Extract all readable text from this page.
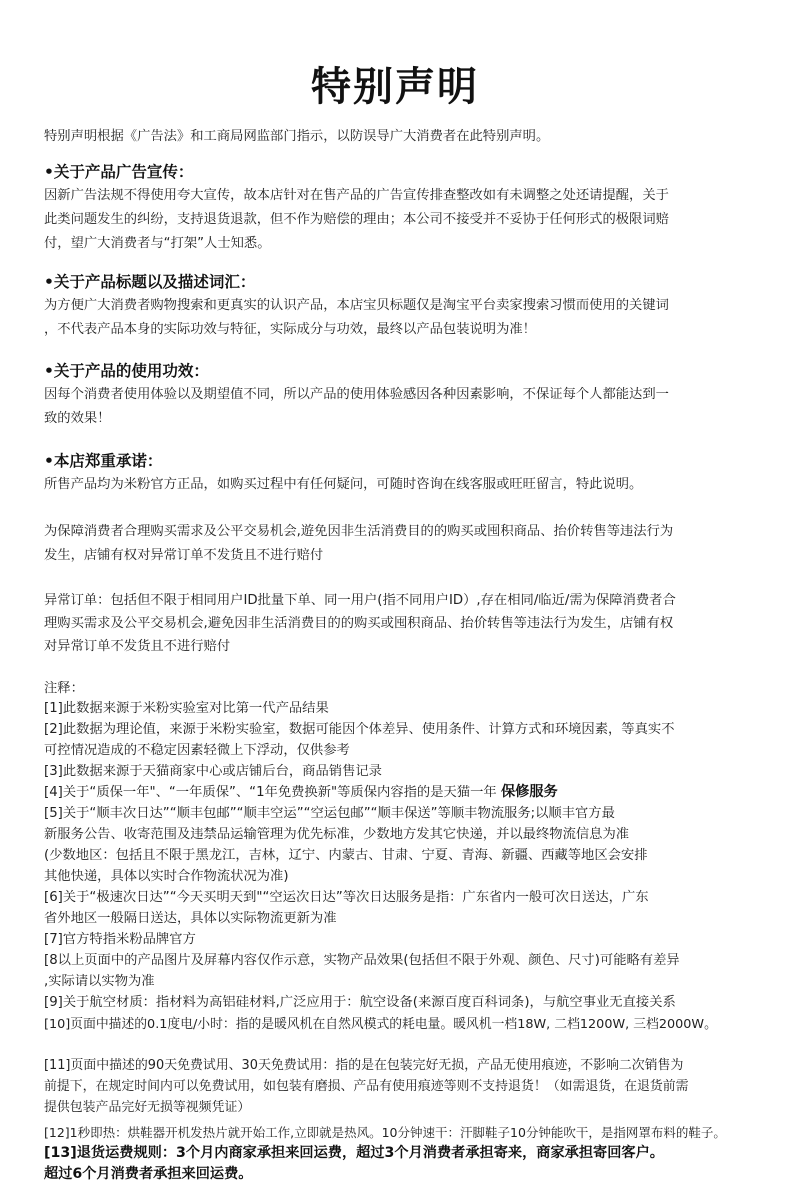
特别声明
特别声明根据《广告法》和工商局网监部门指示，以防误导广大消费者在此特别声明。
•关于产品广告宣传：
因新广告法规不得使用夸大宣传，故本店针对在售产品的广告宣传排查整改如有未调整之处还请提醒，关于
此类问题发生的纠纷，支持退货退款，但不作为赔偿的理由；本公司不接受并不妥协于任何形式的极限词赔
付，望广大消费者与“打架”人士知悉。
•关于产品标题以及描述词汇：
为方便广大消费者购物搜索和更真实的认识产品，本店宝贝标题仅是淘宝平台卖家搜索习惯而使用的关键词
，不代表产品本身的实际功效与特征，实际成分与功效，最终以产品包装说明为准！
•关于产品的使用功效：
因每个消费者使用体验以及期望值不同，所以产品的使用体验感因各种因素影响，不保证每个人都能达到一
致的效果！
•本店郑重承诺：
所售产品均为米粉官方正品，如购买过程中有任何疑问，可随时咨询在线客服或旺旺留言，特此说明。
为保障消费者合理购买需求及公平交易机会,遊免因非生活消费目的的购买或囤积商品、抬价转售等违法行为
发生，店铺有权对异常订单不发货且不进行赔付
异常订单：包括但不限于相同用户ID批量下单、同一用户(指不同用户ID）,存在相同/临近/需为保障消费者合
理购买需求及公平交易机会,避免因非生活消费目的的购买或囤积商品、抬价转售等违法行为发生，店铺有权
对异常订单不发货且不进行赔付
注释：
[1]此数据来源于米粉实验室对比第一代产品结果
[2]此数据为理论值，来源于米粉实验室，数据可能因个体差异、使用条件、计算方式和环境因素，等真实不
可控情况造成的不稳定因素轻微上下浮动，仅供参考
[3]此数据来源于天猫商家中心或店铺后台，商品销售记录
[4]关于“质保一年"、“一年质保”、“1年免费换新"等质保内容指的是天猫一年 保修服务
[5]关于“顺丰次日达”“顺丰包邮”“顺丰空运”“空运包邮”“顺丰保送”等顺丰物流服务;以顺丰官方最
新服务公告、收寄范围及违禁品运输管理为优先标准，少数地方发其它快递，并以最终物流信息为准
(少数地区：包括且不限于黑龙江，吉林，辽宁、内蒙古、甘肃、宁夏、青海、新疆、西藏等地区会安排
其他快递，具体以实时合作物流状况为准)
[6]关于“极速次日达”“今天买明天到"“空运次日达”等次日达服务是指：广东省内一般可次日送达，广东
省外地区一般隔日送达，具体以实际物流更新为准
[7]官方特指米粉品牌官方
[8以上页面中的产品图片及屏幕内容仅作示意，实物产品效果(包括但不限于外观、颜色、尺寸)可能略有差异
,实际请以实物为准
[9]关于航空材质：指材料为高铝硅材料,广泛应用于：航空设备(来源百度百科词条)，与航空事业无直接关系
[10]页面中描述的0.1度电/小时：指的是暖风机在自然风模式的耗电量。暖风机一档18W, 二档1200W, 三档2000W。
[11]页面中描述的90天免费试用、30天免费试用：指的是在包装完好无损，产品无使用痕迹，不影响二次销售为
前提下，在规定时间内可以免费试用，如包装有磨损、产品有使用痕迹等则不支持退货！（如需退货，在退货前需
提供包装产品完好无损等视频凭证）
[12]1秒即热：烘鞋器开机发热片就开始工作,立即就是热风。10分钟速干：汗脚鞋子10分钟能吹干，是指网罩布料的鞋子。
[13]退货运费规则：3个月内商家承担来回运费，超过3个月消费者承担寄来，商家承担寄回客户。
超过6个月消费者承担来回运费。
